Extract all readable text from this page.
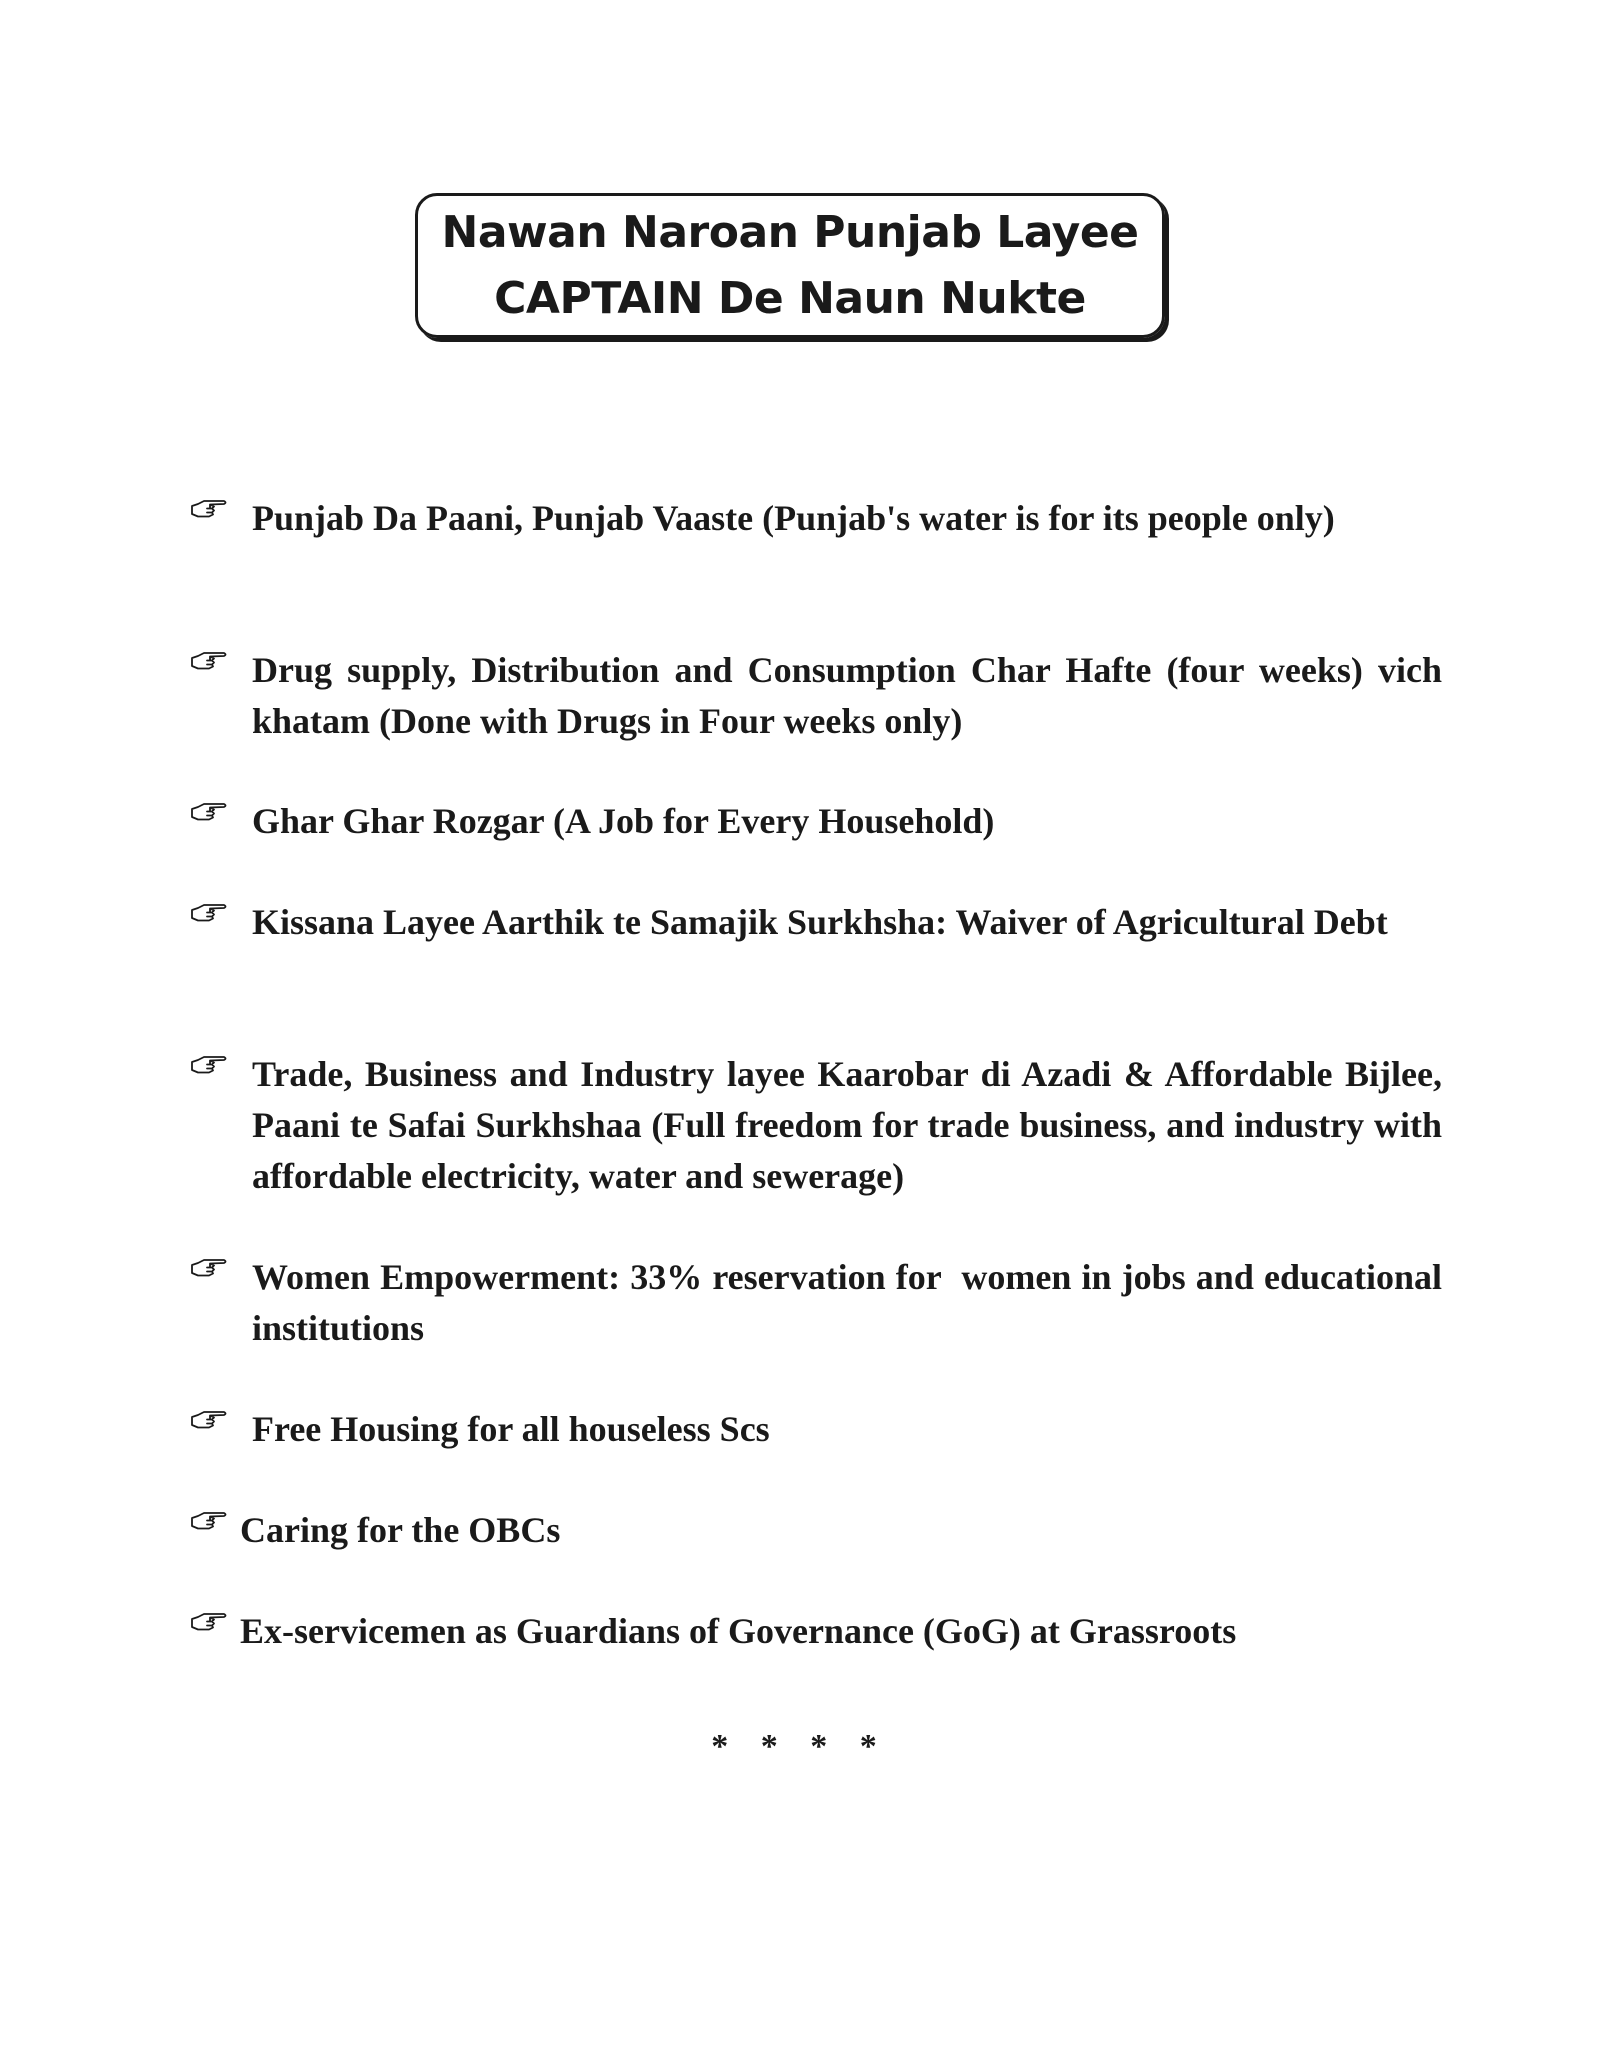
Nawan Naroan Punjab Layee
CAPTAIN De Naun Nukte
Punjab Da Paani, Punjab Vaaste (Punjab's water is for its people only)
Drug supply, Distribution and Consumption Char Hafte (four weeks) vich khatam (Done with Drugs in Four weeks only)
Ghar Ghar Rozgar (A Job for Every Household)
Kissana Layee Aarthik te Samajik Surkhsha: Waiver of Agricultural Debt
Trade, Business and Industry layee Kaarobar di Azadi & Affordable Bijlee, Paani te Safai Surkhshaa (Full freedom for trade business, and industry with affordable electricity, water and sewerage)
Women Empowerment: 33% reservation for  women in jobs and educational institutions
Free Housing for all houseless Scs
Caring for the OBCs
Ex-servicemen as Guardians of Governance (GoG) at Grassroots
* * * *
